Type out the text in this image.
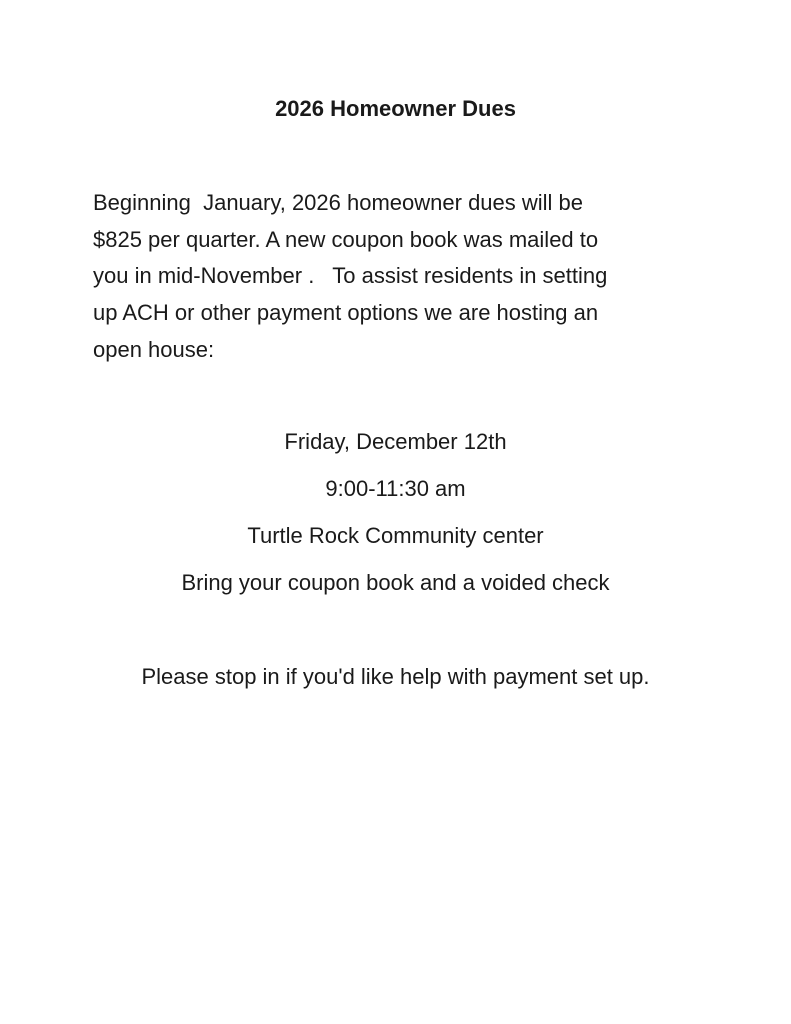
2026 Homeowner Dues
Beginning  January, 2026 homeowner dues will be
$825 per quarter. A new coupon book was mailed to
you in mid-November .   To assist residents in setting
up ACH or other payment options we are hosting an
open house:

Friday, December 12th

9:00-11:30 am

Turtle Rock Community center

Bring your coupon book and a voided check

Please stop in if you'd like help with payment set up.
